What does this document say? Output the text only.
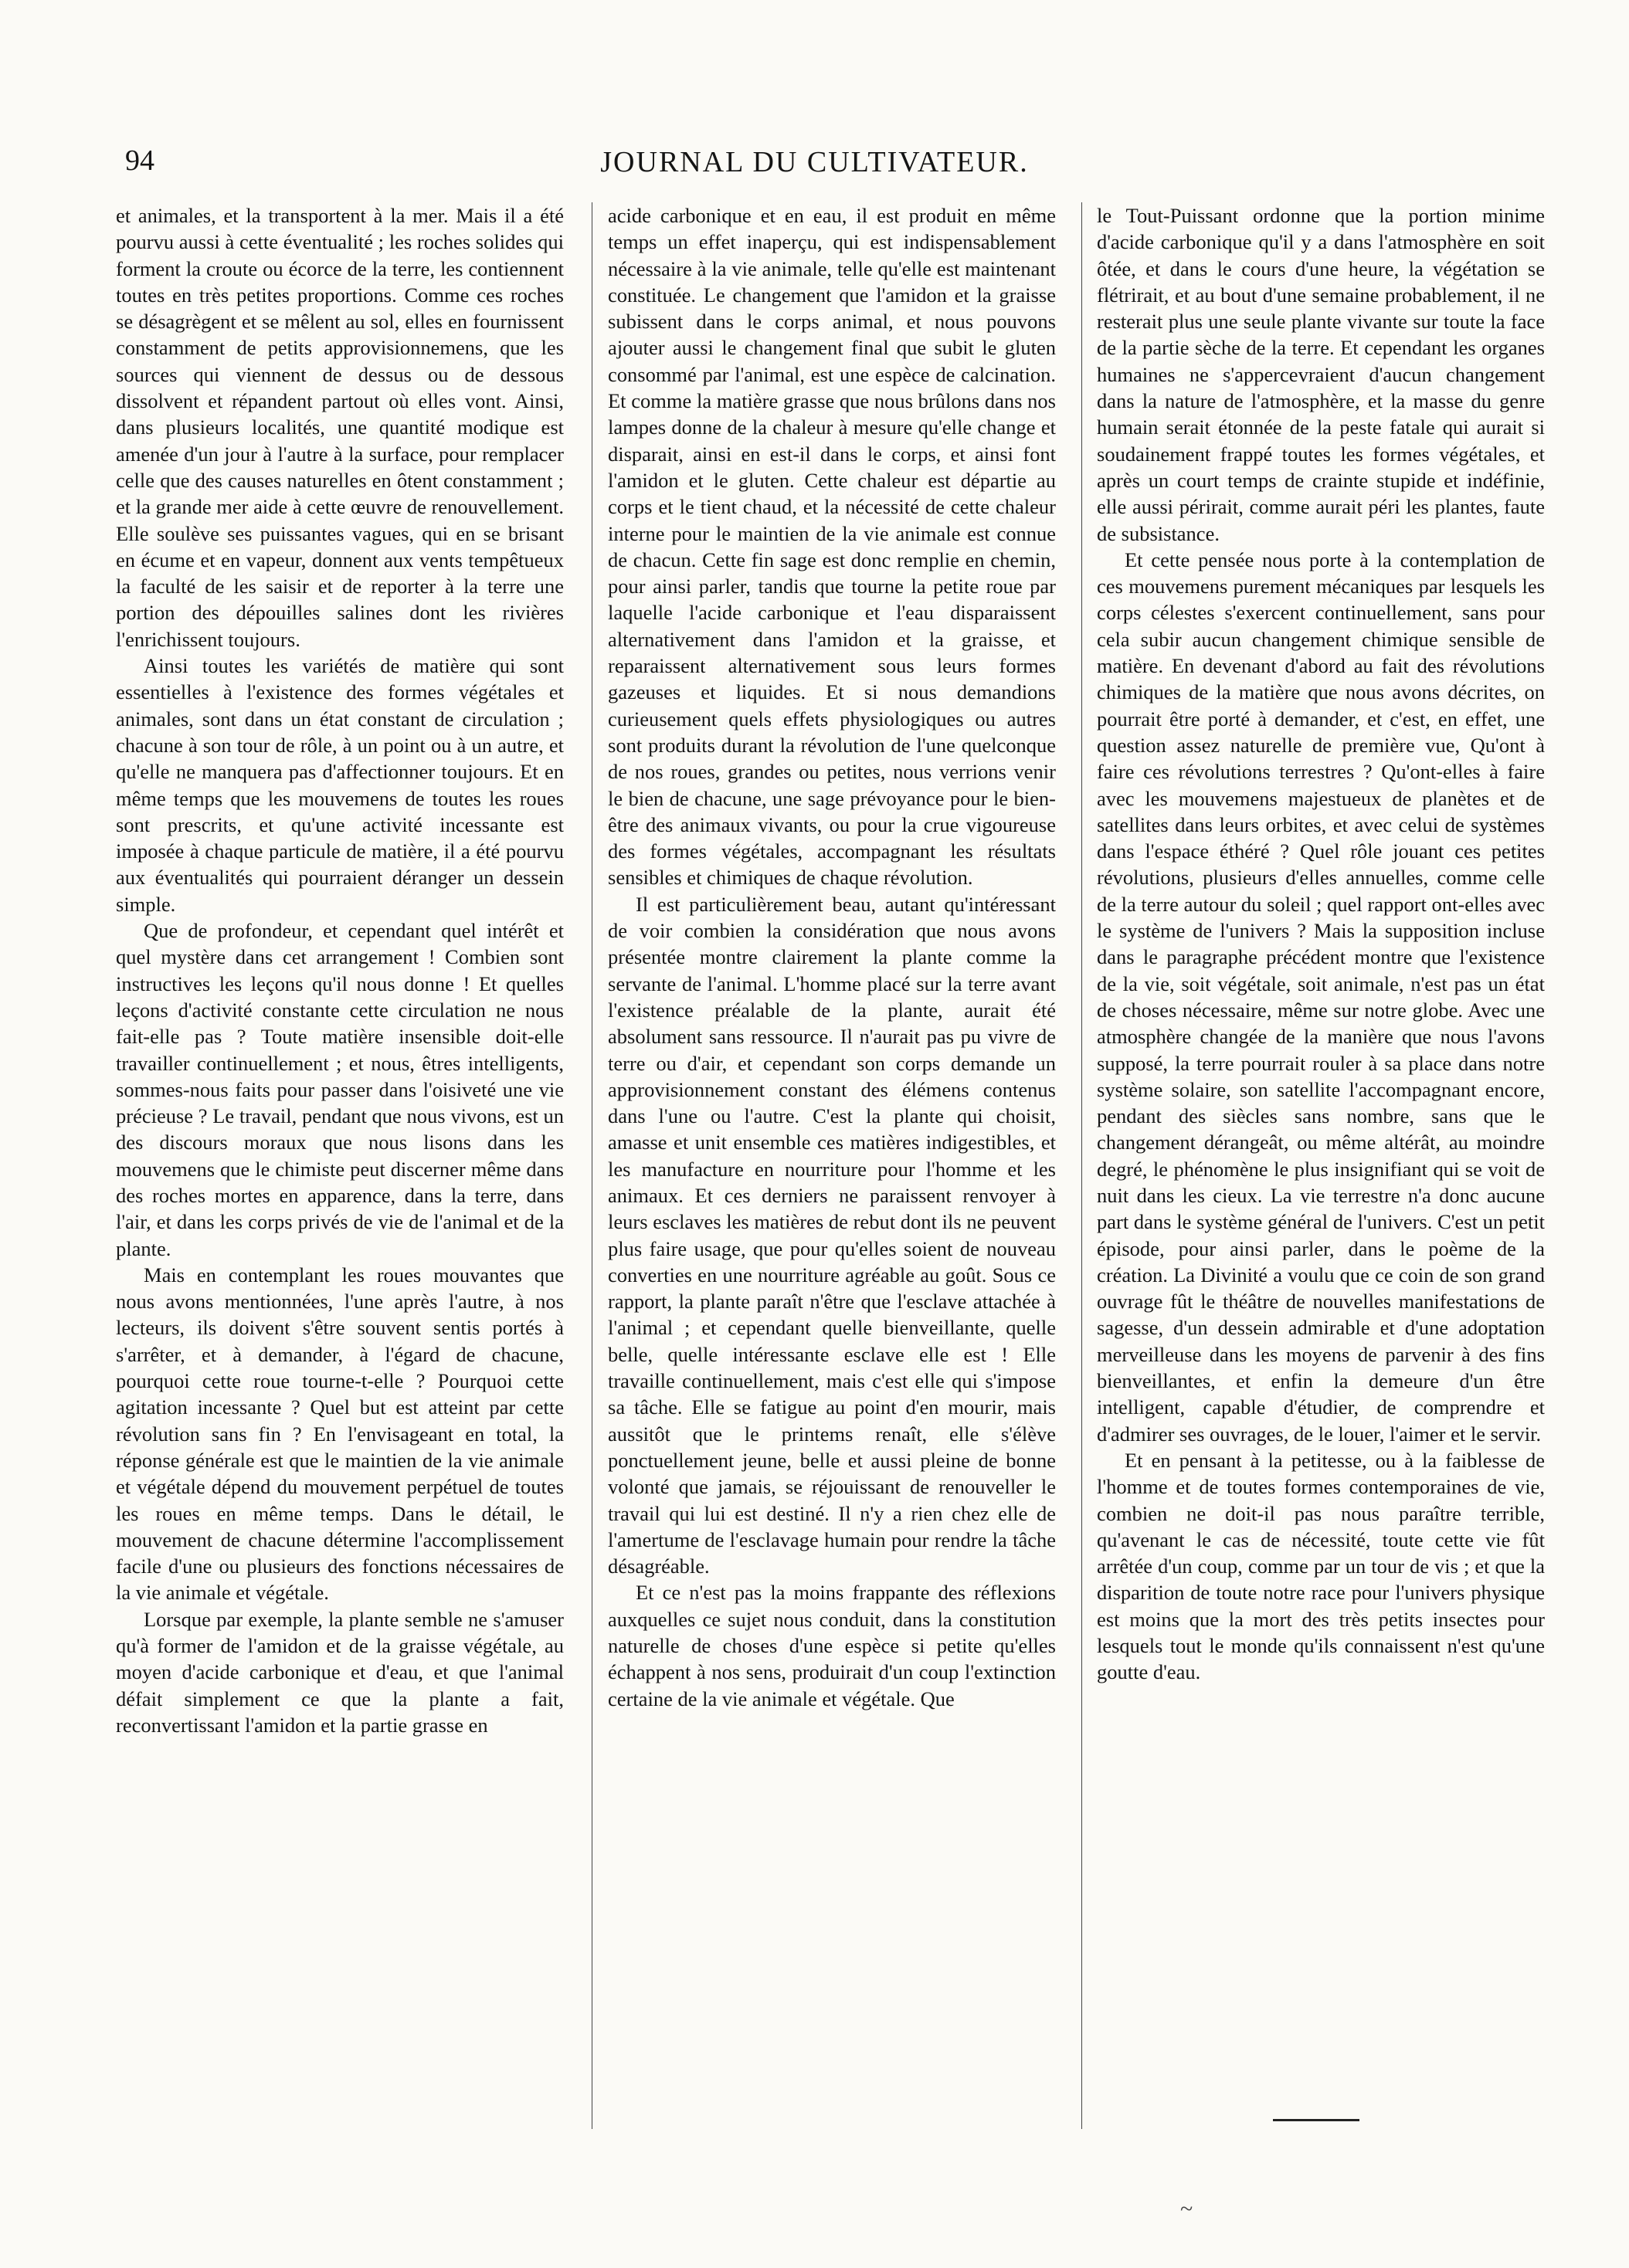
94	JOURNAL DU CULTIVATEUR.

et animales, et la transportent à la mer. Mais il a été pourvu aussi à cette éventualité ; les roches solides qui forment la croute ou écorce de la terre, les contiennent toutes en très petites proportions. Comme ces roches se désagrègent et se mêlent au sol, elles en fournissent constamment de petits approvisionnemens, que les sources qui viennent de dessus ou de dessous dissolvent et répandent partout où elles vont. Ainsi, dans plusieurs localités, une quantité modique est amenée d'un jour à l'autre à la surface, pour remplacer celle que des causes naturelles en ôtent constamment ; et la grande mer aide à cette œuvre de renouvellement. Elle soulève ses puissantes vagues, qui en se brisant en écume et en vapeur, donnent aux vents tempêtueux la faculté de les saisir et de reporter à la terre une portion des dépouilles salines dont les rivières l'enrichissent toujours.

Ainsi toutes les variétés de matière qui sont essentielles à l'existence des formes végétales et animales, sont dans un état constant de circulation ; chacune à son tour de rôle, à un point ou à un autre, et qu'elle ne manquera pas d'affectionner toujours. Et en même temps que les mouvemens de toutes les roues sont prescrits, et qu'une activité incessante est imposée à chaque particule de matière, il a été pourvu aux éventualités qui pourraient déranger un dessein simple.

Que de profondeur, et cependant quel intérêt et quel mystère dans cet arrangement ! Combien sont instructives les leçons qu'il nous donne ! Et quelles leçons d'activité constante cette circulation ne nous fait-elle pas ? Toute matière insensible doit-elle travailler continuellement ; et nous, êtres intelligents, sommes-nous faits pour passer dans l'oisiveté une vie précieuse ? Le travail, pendant que nous vivons, est un des discours moraux que nous lisons dans les mouvemens que le chimiste peut discerner même dans des roches mortes en apparence, dans la terre, dans l'air, et dans les corps privés de vie de l'animal et de la plante.

Mais en contemplant les roues mouvantes que nous avons mentionnées, l'une après l'autre, à nos lecteurs, ils doivent s'être souvent sentis portés à s'arrêter, et à demander, à l'égard de chacune, pourquoi cette roue tourne-t-elle ? Pourquoi cette agitation incessante ? Quel but est atteint par cette révolution sans fin ? En l'envisageant en total, la réponse générale est que le maintien de la vie animale et végétale dépend du mouvement perpétuel de toutes les roues en même temps. Dans le détail, le mouvement de chacune détermine l'accomplissement facile d'une ou plusieurs des fonctions nécessaires de la vie animale et végétale.

Lorsque par exemple, la plante semble ne s'amuser qu'à former de l'amidon et de la graisse végétale, au moyen d'acide carbonique et d'eau, et que l'animal défait simplement ce que la plante a fait, reconvertissant l'amidon et la partie grasse en

acide carbonique et en eau, il est produit en même temps un effet inaperçu, qui est indispensablement nécessaire à la vie animale, telle qu'elle est maintenant constituée. Le changement que l'amidon et la graisse subissent dans le corps animal, et nous pouvons ajouter aussi le changement final que subit le gluten consommé par l'animal, est une espèce de calcination. Et comme la matière grasse que nous brûlons dans nos lampes donne de la chaleur à mesure qu'elle change et disparait, ainsi en est-il dans le corps, et ainsi font l'amidon et le gluten. Cette chaleur est départie au corps et le tient chaud, et la nécessité de cette chaleur interne pour le maintien de la vie animale est connue de chacun. Cette fin sage est donc remplie en chemin, pour ainsi parler, tandis que tourne la petite roue par laquelle l'acide carbonique et l'eau disparaissent alternativement dans l'amidon et la graisse, et reparaissent alternativement sous leurs formes gazeuses et liquides. Et si nous demandions curieusement quels effets physiologiques ou autres sont produits durant la révolution de l'une quelconque de nos roues, grandes ou petites, nous verrions venir le bien de chacune, une sage prévoyance pour le bien-être des animaux vivants, ou pour la crue vigoureuse des formes végétales, accompagnant les résultats sensibles et chimiques de chaque révolution.

Il est particulièrement beau, autant qu'intéressant de voir combien la considération que nous avons présentée montre clairement la plante comme la servante de l'animal. L'homme placé sur la terre avant l'existence préalable de la plante, aurait été absolument sans ressource. Il n'aurait pas pu vivre de terre ou d'air, et cependant son corps demande un approvisionnement constant des élémens contenus dans l'une ou l'autre. C'est la plante qui choisit, amasse et unit ensemble ces matières indigestibles, et les manufacture en nourriture pour l'homme et les animaux. Et ces derniers ne paraissent renvoyer à leurs esclaves les matières de rebut dont ils ne peuvent plus faire usage, que pour qu'elles soient de nouveau converties en une nourriture agréable au goût. Sous ce rapport, la plante paraît n'être que l'esclave attachée à l'animal ; et cependant quelle bienveillante, quelle belle, quelle intéressante esclave elle est ! Elle travaille continuellement, mais c'est elle qui s'impose sa tâche. Elle se fatigue au point d'en mourir, mais aussitôt que le printems renaît, elle s'élève ponctuellement jeune, belle et aussi pleine de bonne volonté que jamais, se réjouissant de renouveller le travail qui lui est destiné. Il n'y a rien chez elle de l'amertume de l'esclavage humain pour rendre la tâche désagréable.

Et ce n'est pas la moins frappante des réflexions auxquelles ce sujet nous conduit, dans la constitution naturelle de choses d'une espèce si petite qu'elles échappent à nos sens, produirait d'un coup l'extinction certaine de la vie animale et végétale. Que

le Tout-Puissant ordonne que la portion minime d'acide carbonique qu'il y a dans l'atmosphère en soit ôtée, et dans le cours d'une heure, la végétation se flétrirait, et au bout d'une semaine probablement, il ne resterait plus une seule plante vivante sur toute la face de la partie sèche de la terre. Et cependant les organes humaines ne s'appercevraient d'aucun changement dans la nature de l'atmosphère, et la masse du genre humain serait étonnée de la peste fatale qui aurait si soudainement frappé toutes les formes végétales, et après un court temps de crainte stupide et indéfinie, elle aussi périrait, comme aurait péri les plantes, faute de subsistance.

Et cette pensée nous porte à la contemplation de ces mouvemens purement mécaniques par lesquels les corps célestes s'exercent continuellement, sans pour cela subir aucun changement chimique sensible de matière. En devenant d'abord au fait des révolutions chimiques de la matière que nous avons décrites, on pourrait être porté à demander, et c'est, en effet, une question assez naturelle de première vue, Qu'ont à faire ces révolutions terrestres ? Qu'ont-elles à faire avec les mouvemens majestueux de planètes et de satellites dans leurs orbites, et avec celui de systèmes dans l'espace éthéré ? Quel rôle jouant ces petites révolutions, plusieurs d'elles annuelles, comme celle de la terre autour du soleil ; quel rapport ont-elles avec le système de l'univers ? Mais la supposition incluse dans le paragraphe précédent montre que l'existence de la vie, soit végétale, soit animale, n'est pas un état de choses nécessaire, même sur notre globe. Avec une atmosphère changée de la manière que nous l'avons supposé, la terre pourrait rouler à sa place dans notre système solaire, son satellite l'accompagnant encore, pendant des siècles sans nombre, sans que le changement dérangeât, ou même altérât, au moindre degré, le phénomène le plus insignifiant qui se voit de nuit dans les cieux. La vie terrestre n'a donc aucune part dans le système général de l'univers. C'est un petit épisode, pour ainsi parler, dans le poème de la création. La Divinité a voulu que ce coin de son grand ouvrage fût le théâtre de nouvelles manifestations de sagesse, d'un dessein admirable et d'une adoptation merveilleuse dans les moyens de parvenir à des fins bienveillantes, et enfin la demeure d'un être intelligent, capable d'étudier, de comprendre et d'admirer ses ouvrages, de le louer, l'aimer et le servir.

Et en pensant à la petitesse, ou à la faiblesse de l'homme et de toutes formes contemporaines de vie, combien ne doit-il pas nous paraître terrible, qu'avenant le cas de nécessité, toute cette vie fût arrêtée d'un coup, comme par un tour de vis ; et que la disparition de toute notre race pour l'univers physique est moins que la mort des très petits insectes pour lesquels tout le monde qu'ils connaissent n'est qu'une goutte d'eau.

~
